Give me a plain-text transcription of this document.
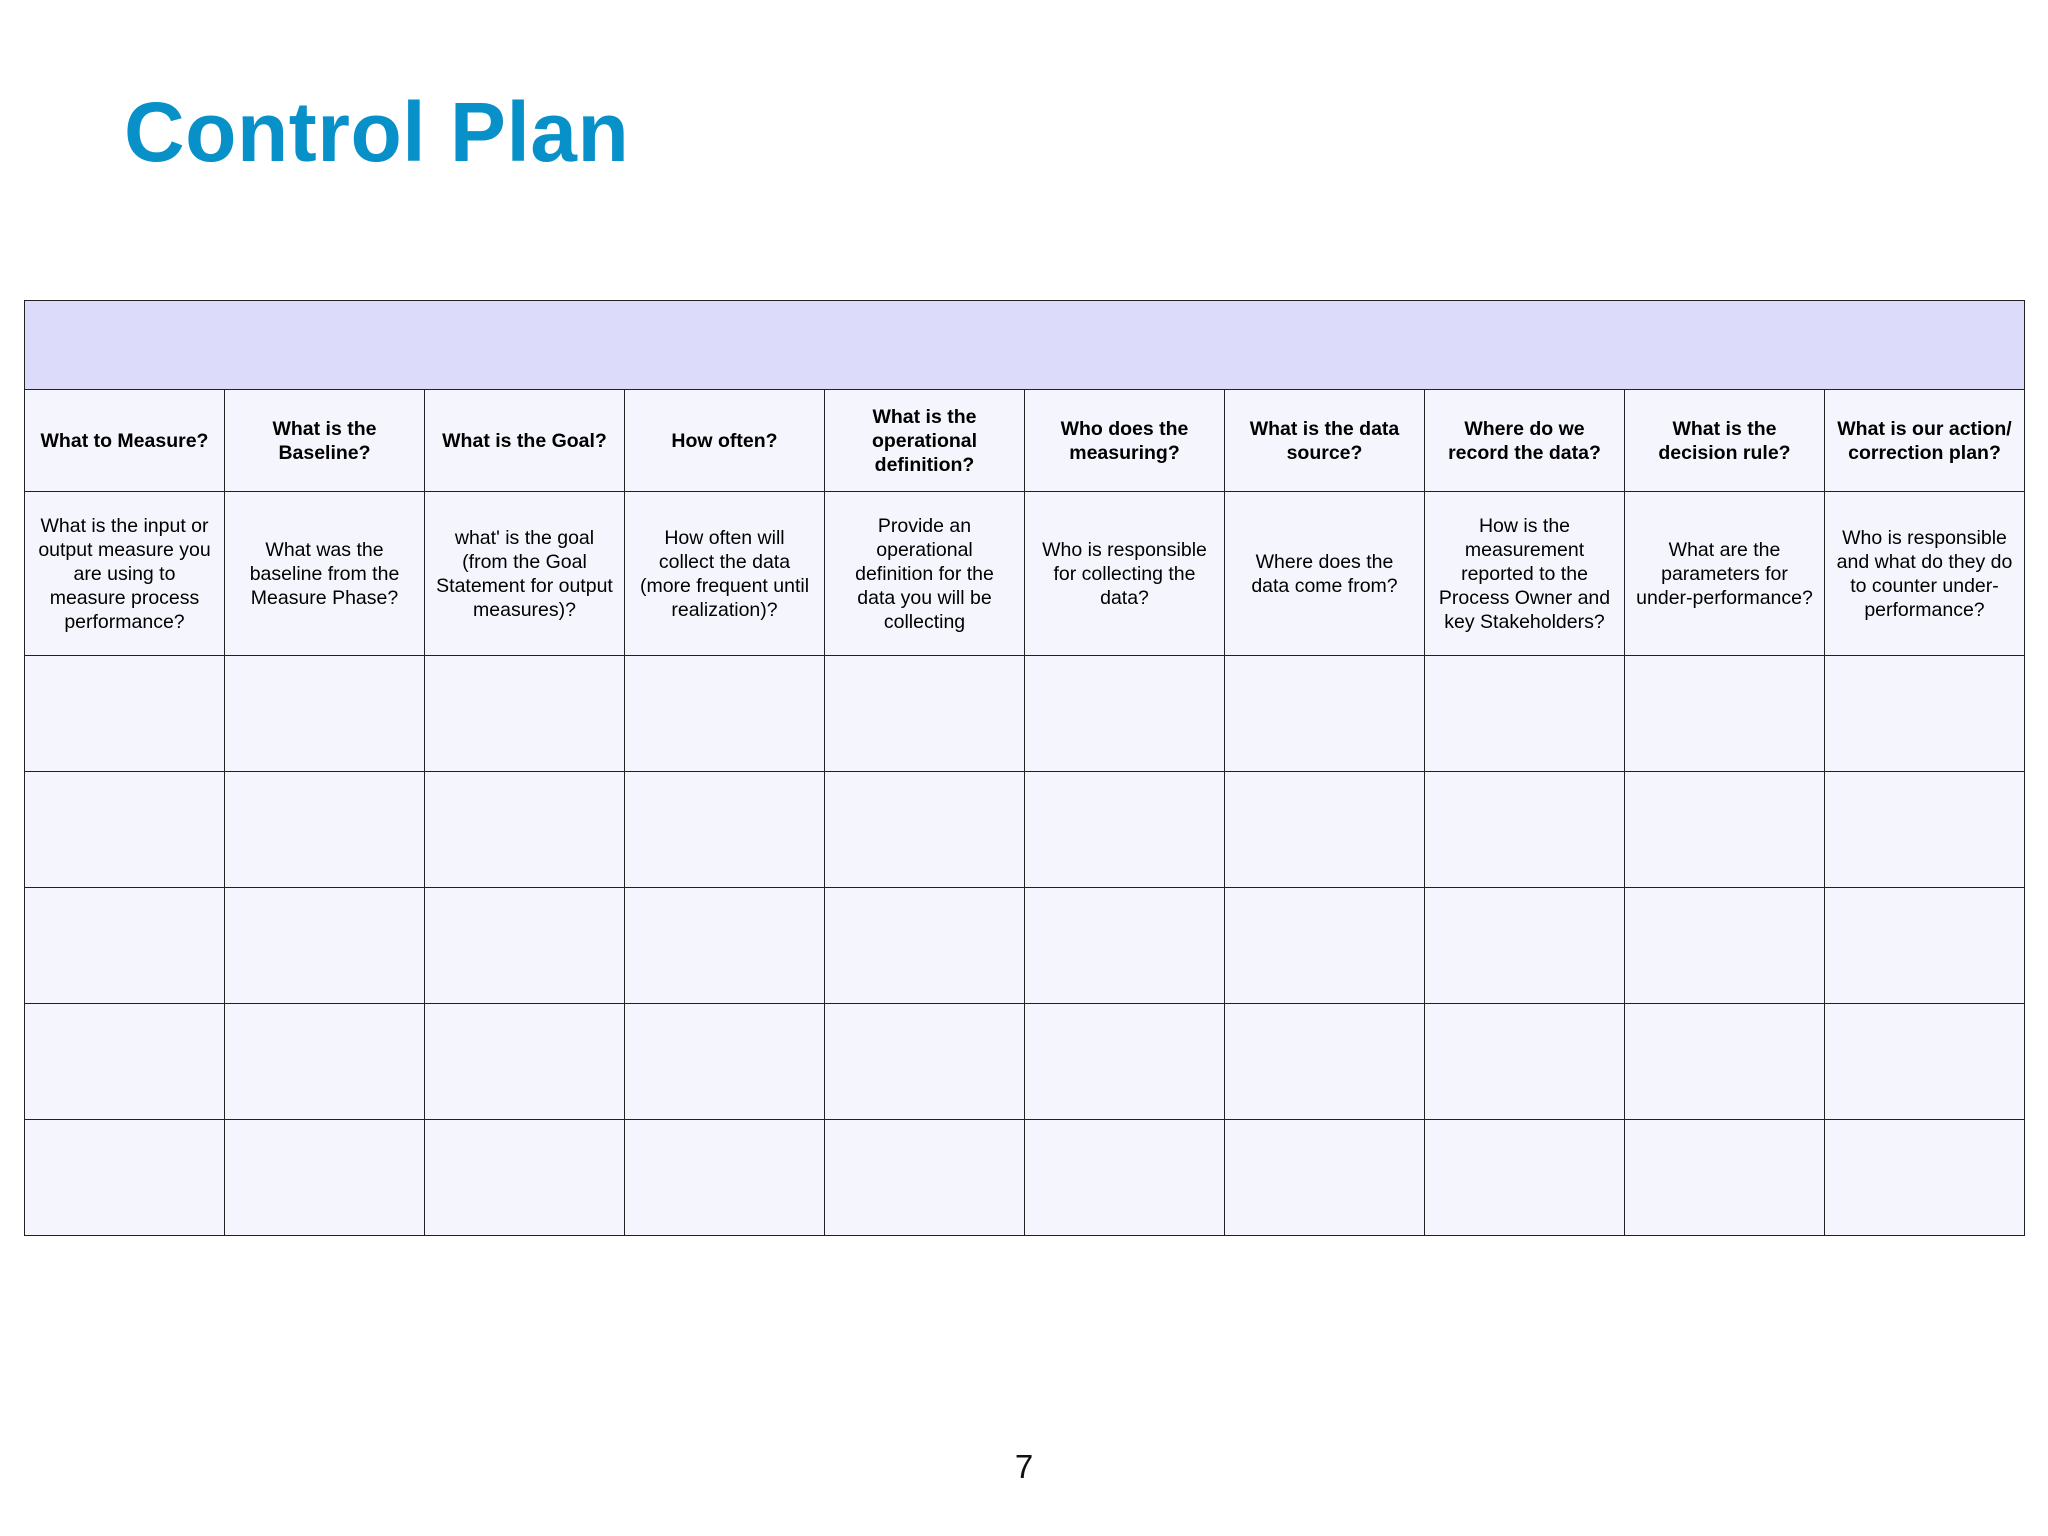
Control Plan

What to Measure?	What is the Baseline?	What is the Goal?	How often?	What is the operational definition?	Who does the measuring?	What is the data source?	Where do we record the data?	What is the decision rule?	What is our action/ correction plan?
What is the input or output measure you are using to measure process performance?	What was the baseline from the Measure Phase?	what' is the goal (from the Goal Statement for output measures)?	How often will collect the data (more frequent until realization)?	Provide an operational definition for the data you will be collecting	Who is responsible for collecting the data?	Where does the data come from?	How is the measurement reported to the Process Owner and key Stakeholders?	What are the parameters for under-performance?	Who is responsible and what do they do to counter under-performance?

7
